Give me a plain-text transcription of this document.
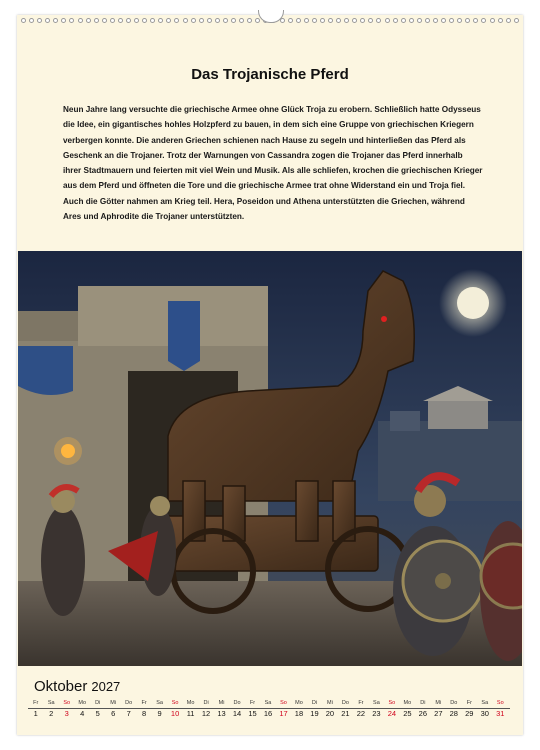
Das Trojanische Pferd

Neun Jahre lang versuchte die griechische Armee ohne Glück Troja zu erobern. Schließlich hatte Odysseus die Idee, ein gigantisches hohles Holzpferd zu bauen, in dem sich eine Gruppe von griechischen Kriegern verbergen konnte. Die anderen Griechen schienen nach Hause zu segeln und hinterließen das Pferd als Geschenk an die Trojaner. Trotz der Warnungen von Cassandra zogen die Trojaner das Pferd innerhalb ihrer Stadtmauern und feierten mit viel Wein und Musik. Als alle schliefen, krochen die griechischen Krieger aus dem Pferd und öffneten die Tore und die griechische Armee trat ohne Widerstand ein und Troja fiel. Auch die Götter nahmen am Krieg teil. Hera, Poseidon und Athena unterstützten die Griechen, während Ares und Aphrodite die Trojaner unterstützten.

Oktober 2027
Fr
1
Sa
2
So
3
Mo
4
Di
5
Mi
6
Do
7
Fr
8
Sa
9
So
10
Mo
11
Di
12
Mi
13
Do
14
Fr
15
Sa
16
So
17
Mo
18
Di
19
Mi
20
Do
21
Fr
22
Sa
23
So
24
Mo
25
Di
26
Mi
27
Do
28
Fr
29
Sa
30
So
31
